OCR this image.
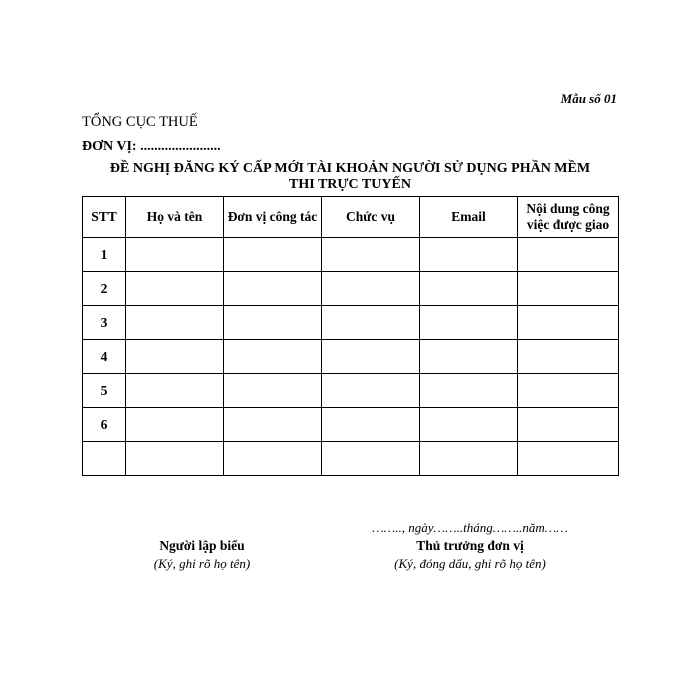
Mẫu số 01
TỔNG CỤC THUẾ
ĐƠN VỊ: .......................
ĐỀ NGHỊ ĐĂNG KÝ CẤP MỚI TÀI KHOẢN NGƯỜI SỬ DỤNG PHẦN MỀM
THI TRỰC TUYẾN
STT	Họ và tên	Đơn vị công tác	Chức vụ	Email	Nội dung công việc được giao
1					
2					
3					
4					
5					
6					

…….., ngày……..tháng……..năm……
Người lập biểu
(Ký, ghi rõ họ tên)
Thủ trưởng đơn vị
(Ký, đóng dấu, ghi rõ họ tên)
